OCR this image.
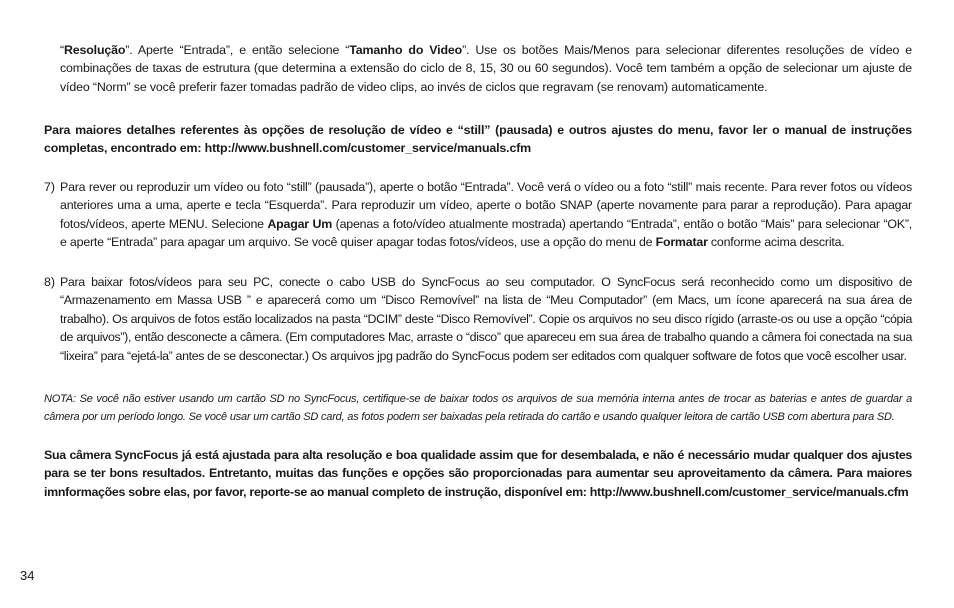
“Resolução”. Aperte “Entrada”, e então selecione “Tamanho do Video”. Use os botões Mais/Menos para selecionar diferentes resoluções de vídeo e combinações de taxas de estrutura (que determina a extensão do ciclo de 8, 15, 30 ou 60 segundos). Você tem também a opção de selecionar um ajuste de vídeo “Norm” se você preferir fazer tomadas padrão de video clips, ao invés de ciclos que regravam (se renovam) automaticamente.
Para maiores detalhes referentes às opções de resolução de vídeo e “still” (pausada) e outros ajustes do menu, favor ler o manual de instruções completas, encontrado em: http://www.bushnell.com/customer_service/manuals.cfm
7) Para rever ou reproduzir um vídeo ou foto “still” (pausada”), aperte o botão “Entrada”. Você verá o vídeo ou a foto “still” mais recente. Para rever fotos ou vídeos anteriores uma a uma, aperte e tecla “Esquerda”. Para reproduzir um vídeo, aperte o botão SNAP (aperte novamente para parar a reprodução). Para apagar fotos/vídeos, aperte MENU. Selecione Apagar Um (apenas a foto/vídeo atualmente mostrada) apertando “Entrada”, então o botão “Mais” para selecionar “OK”, e aperte “Entrada” para apagar um arquivo. Se você quiser apagar todas fotos/vídeos, use a opção do menu de Formatar conforme acima descrita.
8) Para baixar fotos/vídeos para seu PC, conecte o cabo USB do SyncFocus ao seu computador. O SyncFocus será reconhecido como um dispositivo de “Armazenamento em Massa USB ” e aparecerá como um “Disco Removível” na lista de “Meu Computador” (em Macs, um ícone aparecerá na sua área de trabalho). Os arquivos de fotos estão localizados na pasta “DCIM” deste “Disco Removível”. Copie os arquivos no seu disco rígido (arraste-os ou use a opção “cópia de arquivos”), então desconecte a câmera. (Em computadores Mac, arraste o “disco” que apareceu em sua área de trabalho quando a câmera foi conectada na sua “lixeira” para “ejetá-la” antes de se desconectar.) Os arquivos jpg padrão do SyncFocus podem ser editados com qualquer software de fotos que você escolher usar.
NOTA: Se você não estiver usando um cartão SD no SyncFocus, certifique-se de baixar todos os arquivos de sua memória interna antes de trocar as baterias e antes de guardar a câmera por um período longo. Se você usar um cartão SD card, as fotos podem ser baixadas pela retirada do cartão e usando qualquer leitora de cartão USB com abertura para SD.
Sua câmera SyncFocus já está ajustada para alta resolução e boa qualidade assim que for desembalada, e não é necessário mudar qualquer dos ajustes para se ter bons resultados. Entretanto, muitas das funções e opções são proporcionadas para aumentar seu aproveitamento da câmera. Para maiores imnformações sobre elas, por favor, reporte-se ao manual completo de instrução, disponível em: http://www.bushnell.com/customer_service/manuals.cfm
34
